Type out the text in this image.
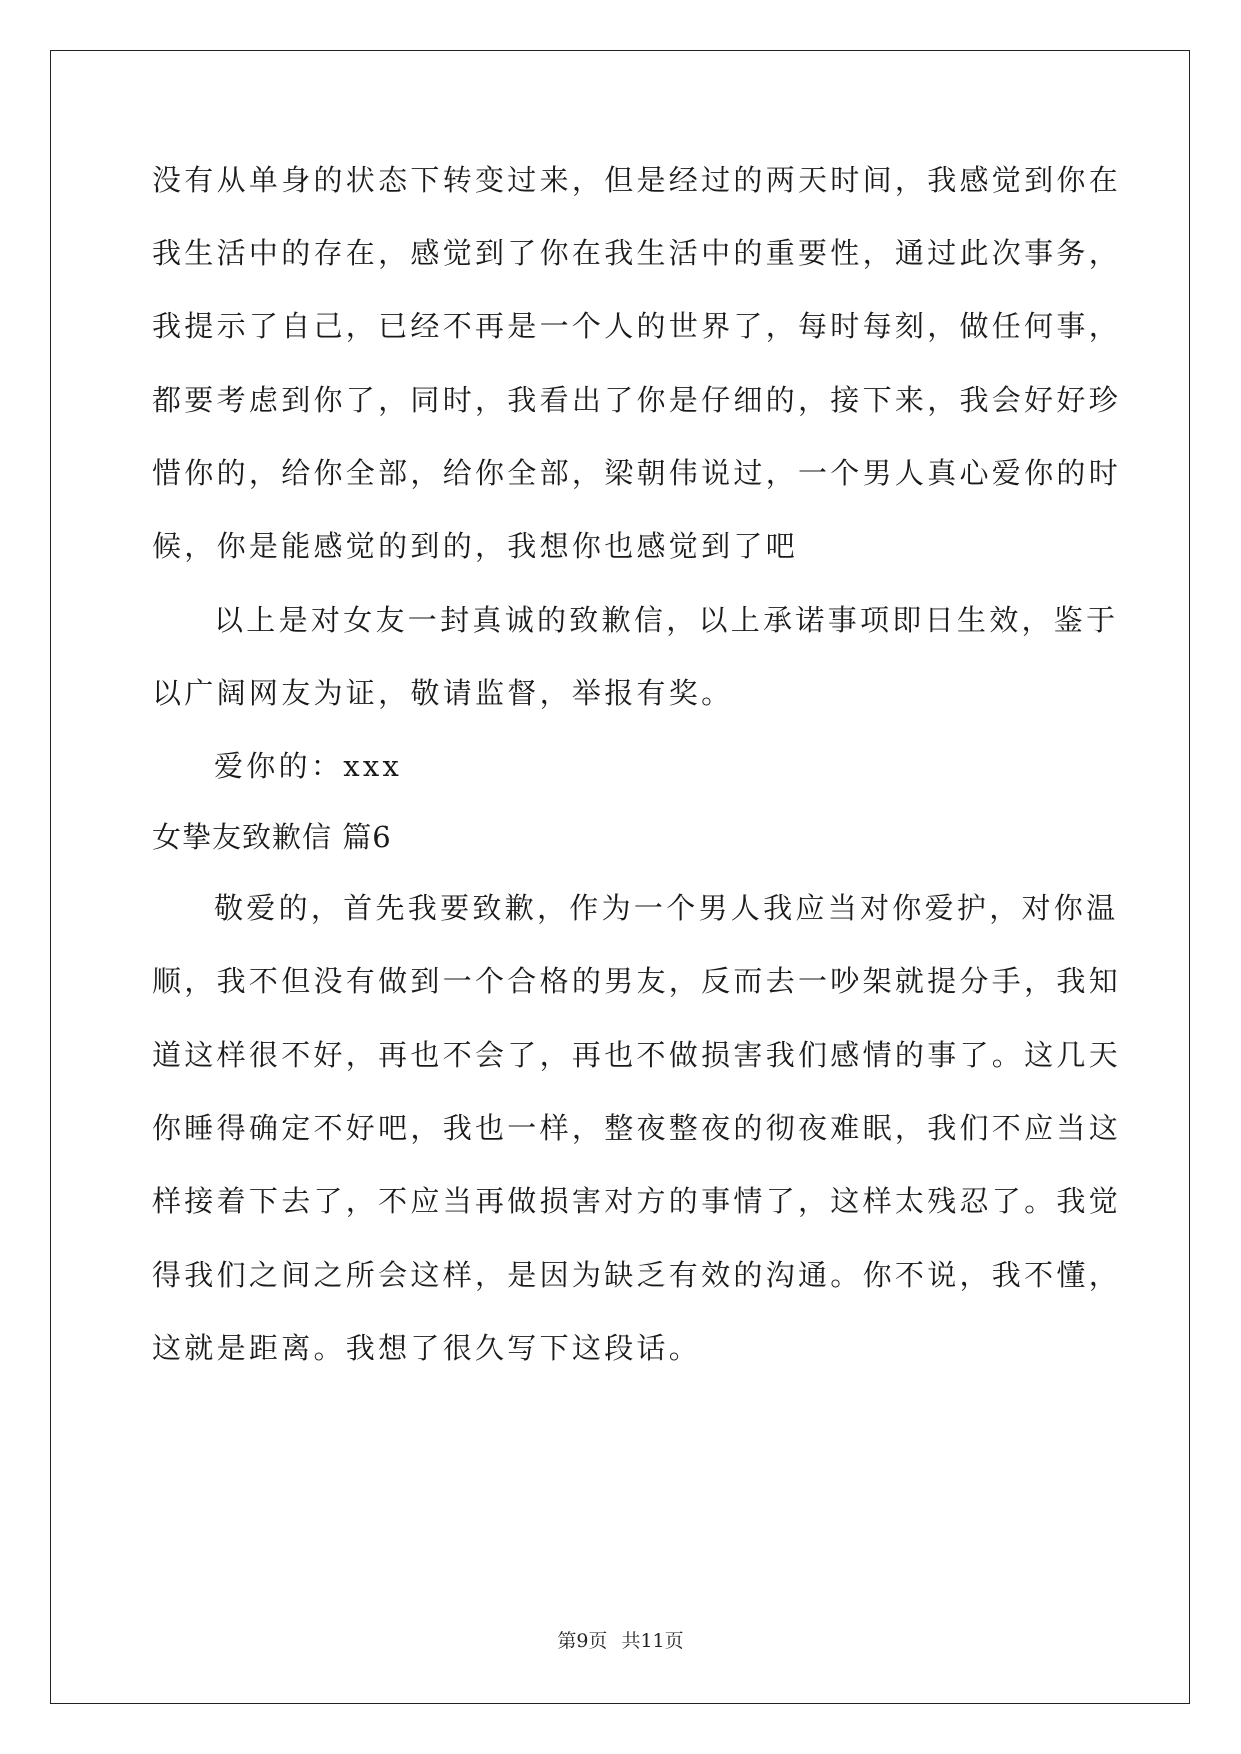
没有从单身的状态下转变过来，但是经过的两天时间，我感觉到你在
我生活中的存在，感觉到了你在我生活中的重要性，通过此次事务，
我提示了自己，已经不再是一个人的世界了，每时每刻，做任何事，
都要考虑到你了，同时，我看出了你是仔细的，接下来，我会好好珍
惜你的，给你全部，给你全部，梁朝伟说过，一个男人真心爱你的时
候，你是能感觉的到的，我想你也感觉到了吧
以上是对女友一封真诚的致歉信，以上承诺事项即日生效，鉴于
以广阔网友为证，敬请监督，举报有奖。
爱你的：xxx
女挚友致歉信 篇6
敬爱的，首先我要致歉，作为一个男人我应当对你爱护，对你温
顺，我不但没有做到一个合格的男友，反而去一吵架就提分手，我知
道这样很不好，再也不会了，再也不做损害我们感情的事了。这几天
你睡得确定不好吧，我也一样，整夜整夜的彻夜难眠，我们不应当这
样接着下去了，不应当再做损害对方的事情了，这样太残忍了。我觉
得我们之间之所会这样，是因为缺乏有效的沟通。你不说，我不懂，
这就是距离。我想了很久写下这段话。
第9页 共11页
